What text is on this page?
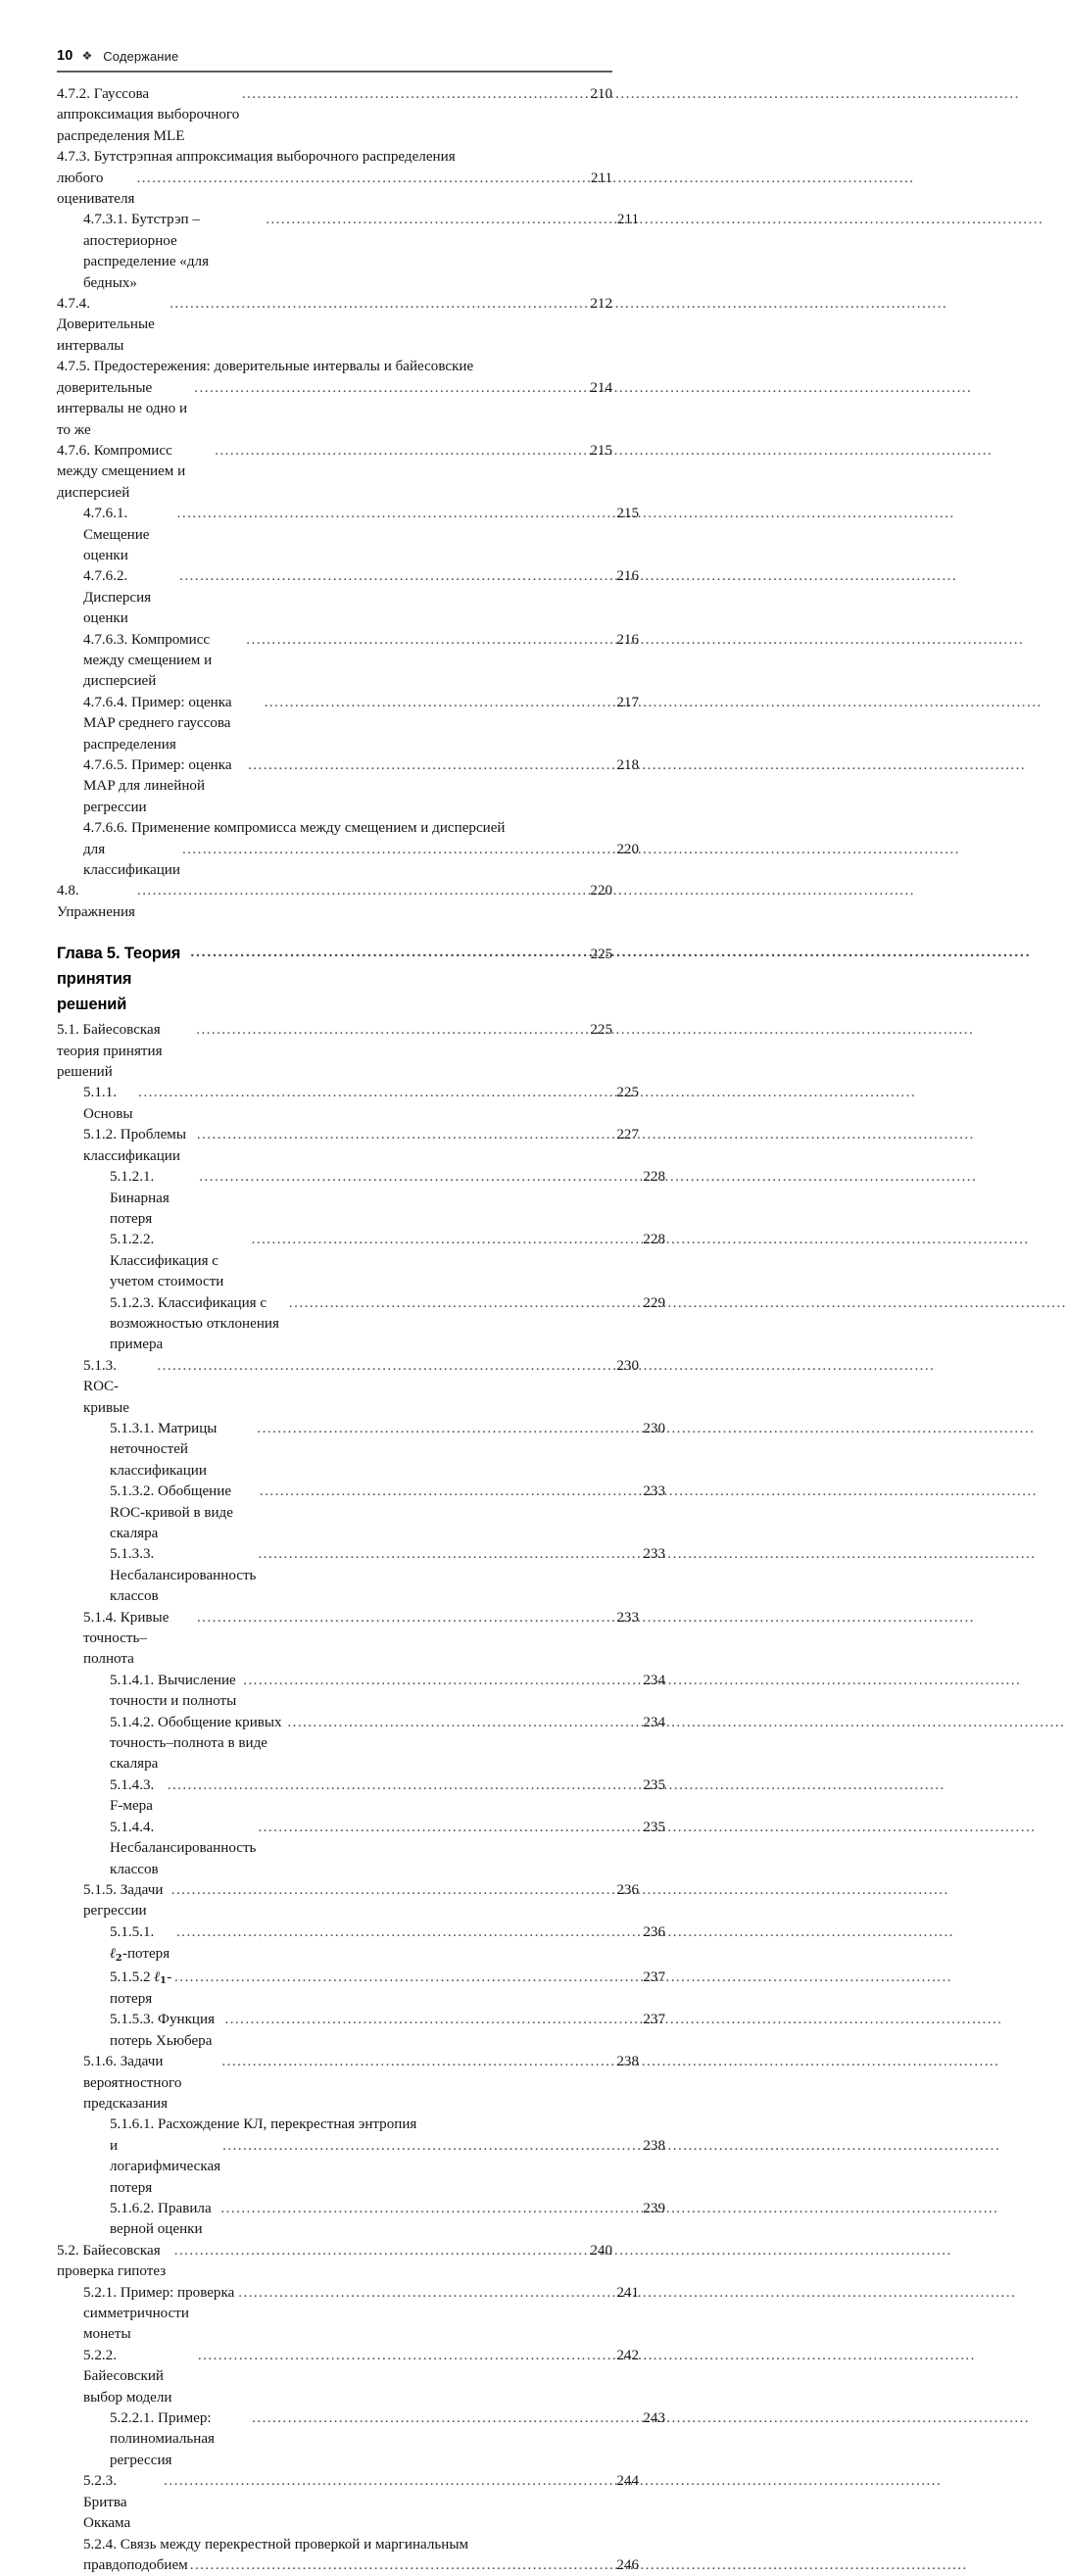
10 ❖ Содержание
4.7.2. Гауссова аппроксимация выборочного распределения MLE
.....
210
4.7.3. Бутстрэпная аппроксимация выборочного распределения
любого оценивателя
.....
211
4.7.3.1. Бутстрэп – апостериорное распределение «для бедных»
.....
211
4.7.4. Доверительные интервалы
.....
212
4.7.5. Предостережения: доверительные интервалы и байесовские
доверительные интервалы не одно и то же
.....
214
4.7.6. Компромисс между смещением и дисперсией
.....
215
4.7.6.1. Смещение оценки
.....
215
4.7.6.2. Дисперсия оценки
.....
216
4.7.6.3. Компромисс между смещением и дисперсией
.....
216
4.7.6.4. Пример: оценка MAP среднего гауссова распределения
.....
217
4.7.6.5. Пример: оценка MAP для линейной регрессии
.....
218
4.7.6.6. Применение компромисса между смещением и дисперсией
для классификации
.....
220
4.8. Упражнения
.....
220
Глава 5. Теория принятия решений
.....
225
5.1. Байесовская теория принятия решений
.....
225
5.1.1. Основы
.....
225
5.1.2. Проблемы классификации
.....
227
5.1.2.1. Бинарная потеря
.....
228
5.1.2.2. Классификация с учетом стоимости
.....
228
5.1.2.3. Классификация с возможностью отклонения примера
.....
229
5.1.3. ROC-кривые
.....
230
5.1.3.1. Матрицы неточностей классификации
.....
230
5.1.3.2. Обобщение ROC-кривой в виде скаляра
.....
233
5.1.3.3. Несбалансированность классов
.....
233
5.1.4. Кривые точность–полнота
.....
233
5.1.4.1. Вычисление точности и полноты
.....
234
5.1.4.2. Обобщение кривых точность–полнота в виде скаляра
.....
234
5.1.4.3. F-мера
.....
235
5.1.4.4. Несбалансированность классов
.....
235
5.1.5. Задачи регрессии
.....
236
5.1.5.1. ℓ$_2$-потеря
.....
236
5.1.5.2 ℓ$_1$-потеря
.....
237
5.1.5.3. Функция потерь Хьюбера
.....
237
5.1.6. Задачи вероятностного предсказания
.....
238
5.1.6.1. Расхождение КЛ, перекрестная энтропия
и логарифмическая потеря
.....
238
5.1.6.2. Правила верной оценки
.....
239
5.2. Байесовская проверка гипотез
.....
240
5.2.1. Пример: проверка симметричности монеты
.....
241
5.2.2. Байесовский выбор модели
.....
242
5.2.2.1. Пример: полиномиальная регрессия
.....
243
5.2.3. Бритва Оккама
.....
244
5.2.4. Связь между перекрестной проверкой и маргинальным
правдоподобием .....	246
